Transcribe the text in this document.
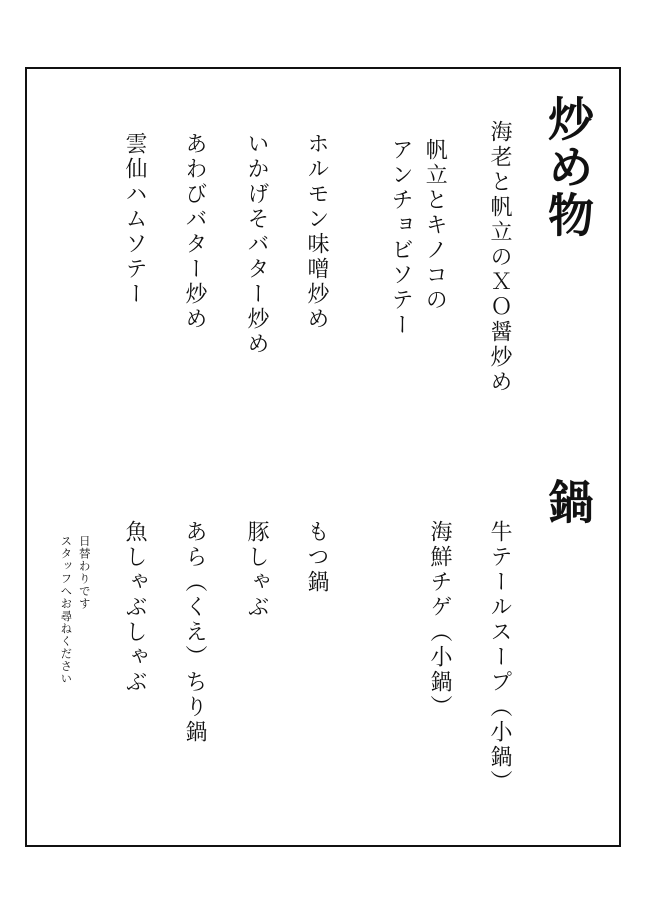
炒め物
海老と帆立のＸＯ醤炒め
帆立とキノコの
アンチョビソテー
ホルモン味噌炒め
いかげそバター炒め
あわびバター炒め
雲仙ハムソテー
鍋
牛テールスープ（小鍋）
海鮮チゲ（小鍋）
もつ鍋
豚しゃぶ
あら（くえ）ちり鍋
魚しゃぶしゃぶ
日替わりです
スタッフへお尋ねください
